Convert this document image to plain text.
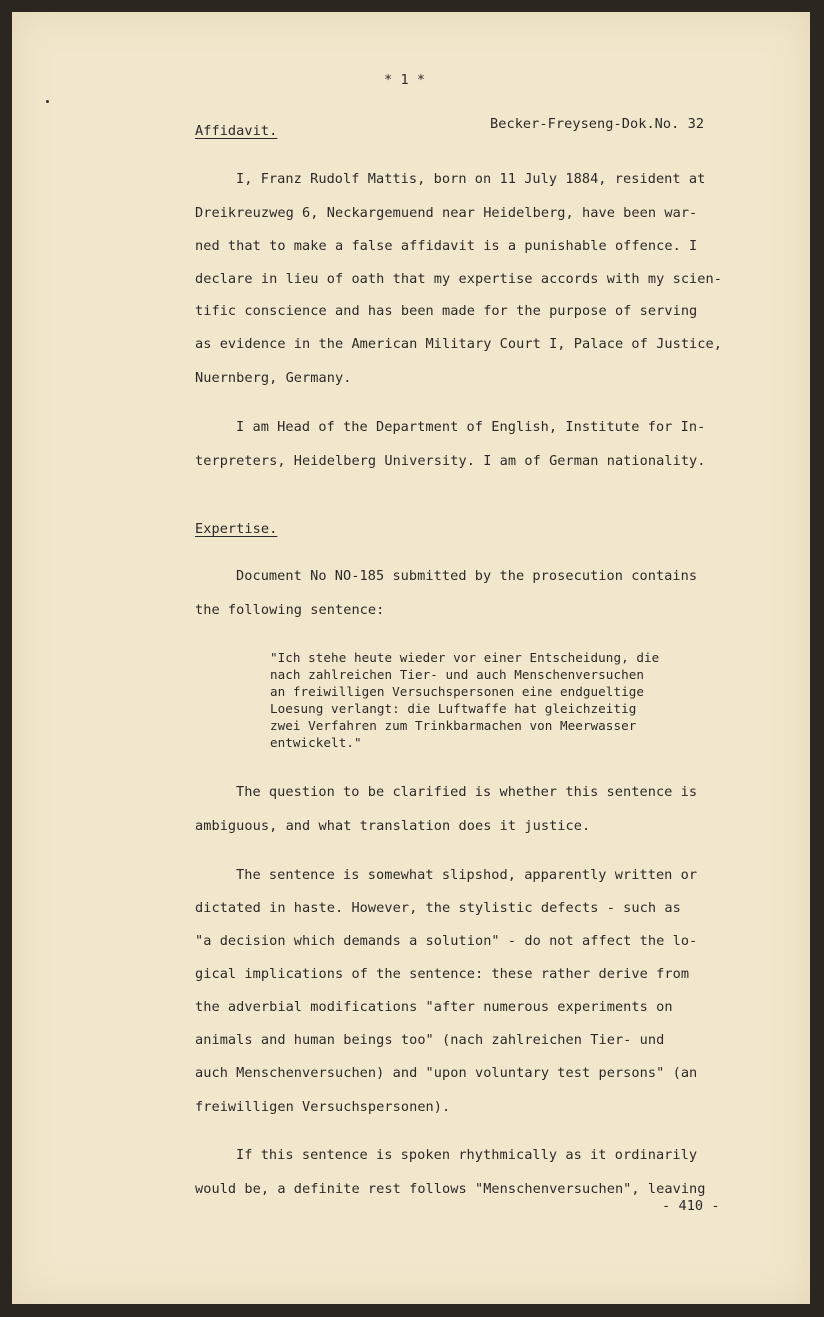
* 1 *
Becker-Freyseng-Dok.No. 32
Affidavit.
I, Franz Rudolf Mattis, born on 11 July 1884, resident at
Dreikreuzweg 6, Neckargemuend near Heidelberg, have been war-
ned that to make a false affidavit is a punishable offence. I
declare in lieu of oath that my expertise accords with my scien-
tific conscience and has been made for the purpose of serving
as evidence in the American Military Court I, Palace of Justice,
Nuernberg, Germany.
I am Head of the Department of English, Institute for In-
terpreters, Heidelberg University. I am of German nationality.
Expertise.
Document No NO-185 submitted by the prosecution contains
the following sentence:
"Ich stehe heute wieder vor einer Entscheidung, die
nach zahlreichen Tier- und auch Menschenversuchen
an freiwilligen Versuchspersonen eine endgueltige
Loesung verlangt: die Luftwaffe hat gleichzeitig
zwei Verfahren zum Trinkbarmachen von Meerwasser
entwickelt."
The question to be clarified is whether this sentence is
ambiguous, and what translation does it justice.
The sentence is somewhat slipshod, apparently written or
dictated in haste. However, the stylistic defects - such as
"a decision which demands a solution" - do not affect the lo-
gical implications of the sentence: these rather derive from
the adverbial modifications "after numerous experiments on
animals and human beings too" (nach zahlreichen Tier- und
auch Menschenversuchen) and "upon voluntary test persons" (an
freiwilligen Versuchspersonen).
If this sentence is spoken rhythmically as it ordinarily
would be, a definite rest follows "Menschenversuchen", leaving
- 410 -
